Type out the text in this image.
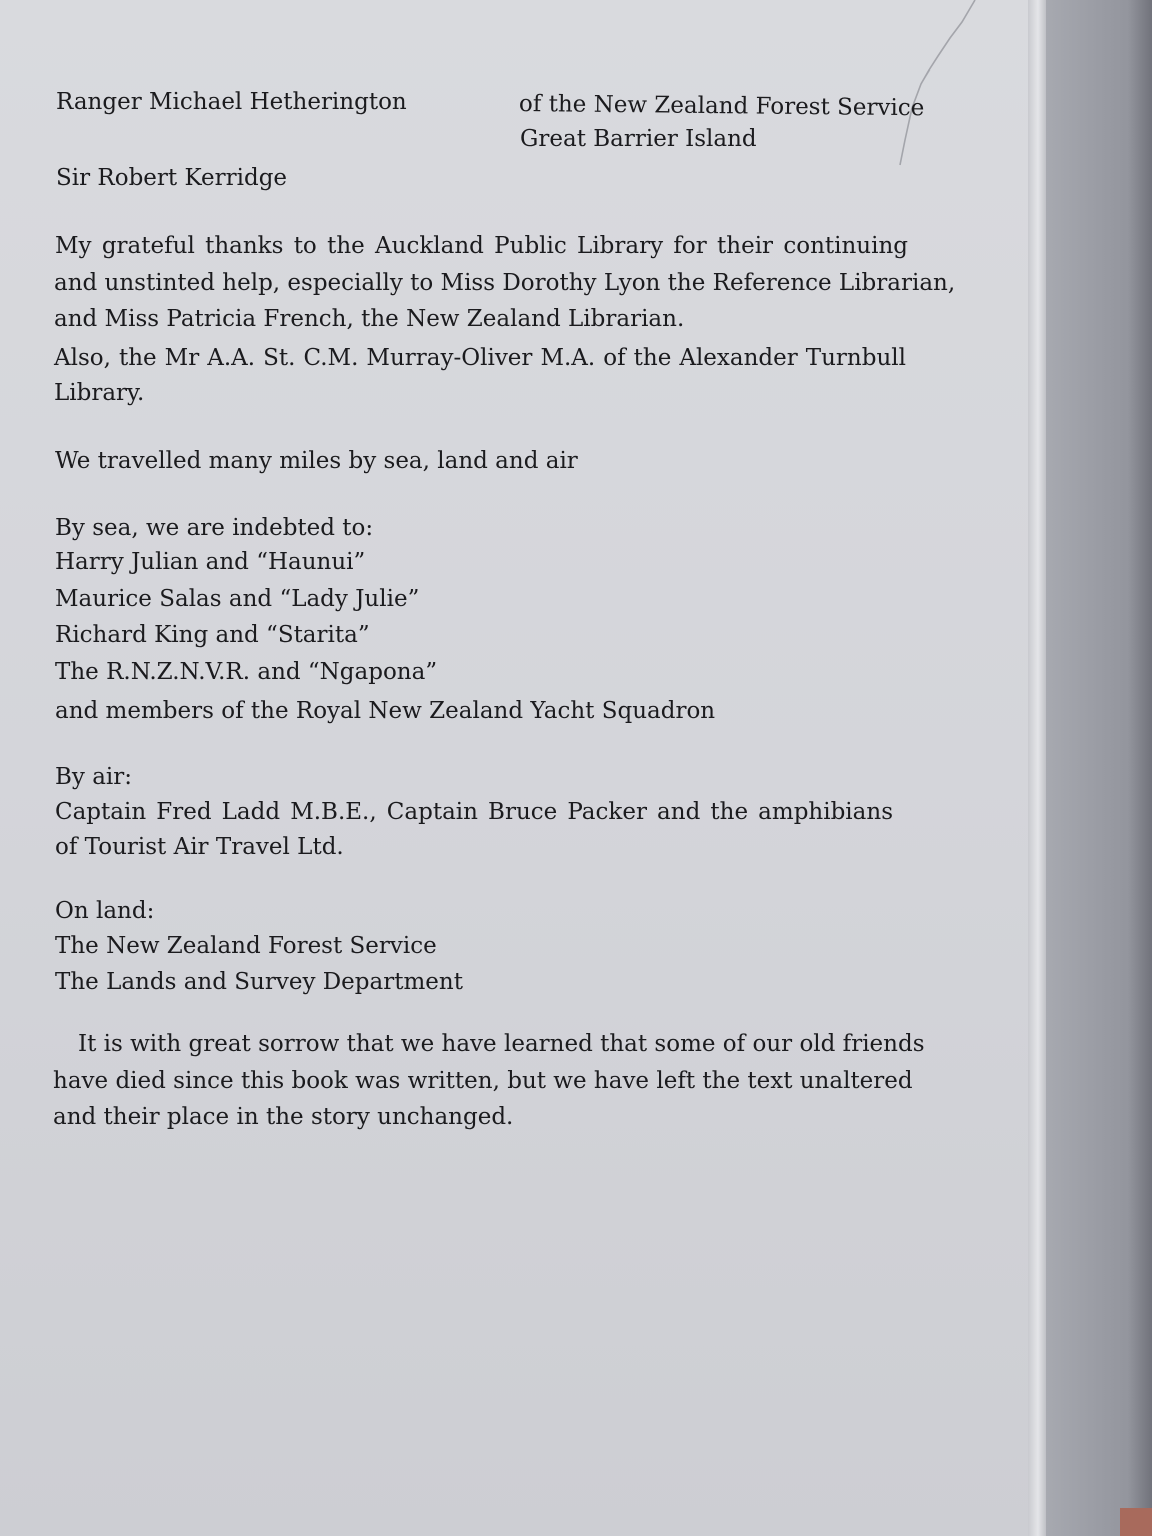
Ranger Michael Hetherington	of the New Zealand Forest Service
Great Barrier Island
Sir Robert Kerridge
My grateful thanks to the Auckland Public Library for their continuing
and unstinted help, especially to Miss Dorothy Lyon the Reference Librarian,
and Miss Patricia French, the New Zealand Librarian.
Also, the Mr A.A. St. C.M. Murray-Oliver M.A. of the Alexander Turnbull
Library.
We travelled many miles by sea, land and air
By sea, we are indebted to:
Harry Julian and “Haunui”
Maurice Salas and “Lady Julie”
Richard King and “Starita”
The R.N.Z.N.V.R. and “Ngapona”
and members of the Royal New Zealand Yacht Squadron
By air:
Captain Fred Ladd M.B.E., Captain Bruce Packer and the amphibians
of Tourist Air Travel Ltd.
On land:
The New Zealand Forest Service
The Lands and Survey Department
It is with great sorrow that we have learned that some of our old friends
have died since this book was written, but we have left the text unaltered
and their place in the story unchanged.
